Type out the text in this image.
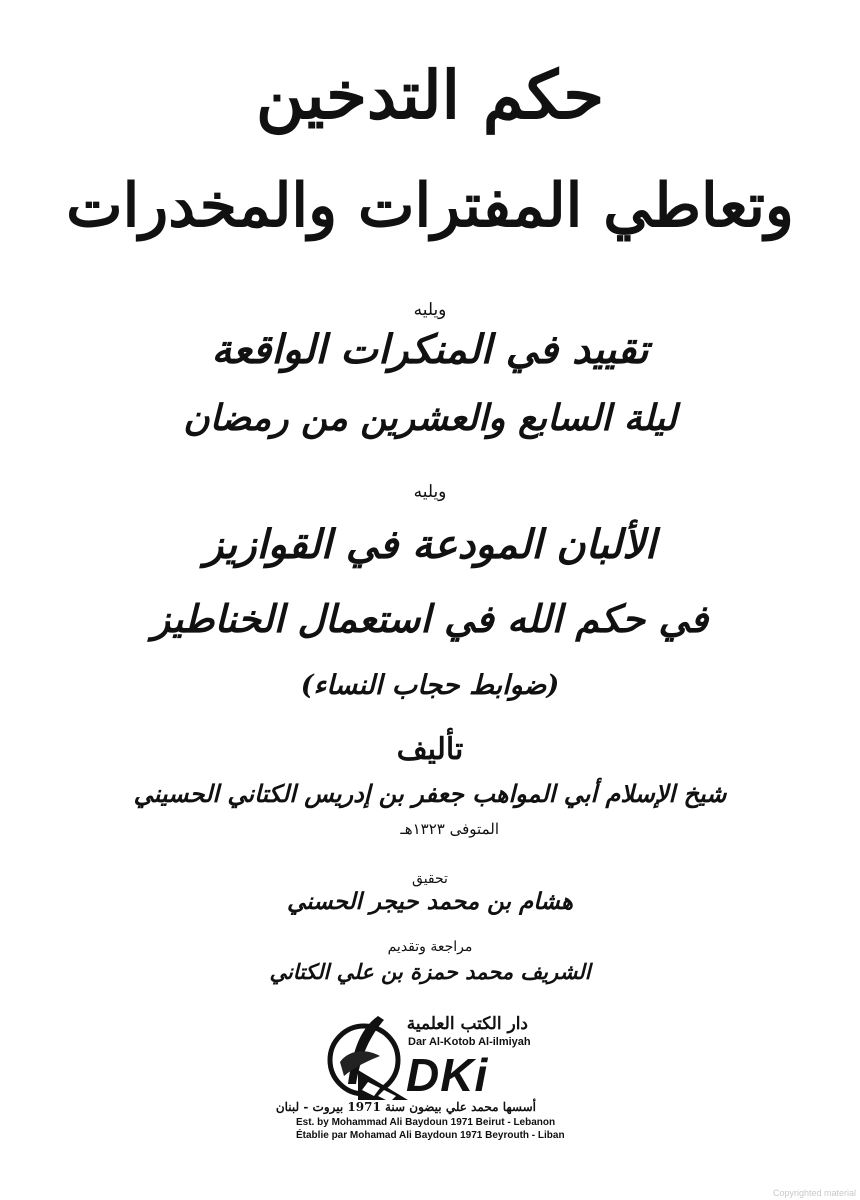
حكم التدخين
وتعاطي المفترات والمخدرات
ويليه
تقييد في المنكرات الواقعة
ليلة السابع والعشرين من رمضان
ويليه
الألبان المودعة في القوازيز
في حكم الله في استعمال الخناطيز
(ضوابط حجاب النساء)
تأليف
شيخ الإسلام أبي المواهب جعفر بن إدريس الكتاني الحسيني
المتوفى ١٣٢٣هـ
تحقيق
هشام بن محمد حيجر الحسني
مراجعة وتقديم
الشريف محمد حمزة بن علي الكتاني
دار الكتب العلمية
Dar Al-Kotob Al-ilmiyah
DKi
أسسها محمد علي بيضون سنة 1971 بيروت - لبنان
Est. by Mohammad Ali Baydoun 1971 Beirut - Lebanon
Établie par Mohamad Ali Baydoun 1971 Beyrouth - Liban
Copyrighted material
